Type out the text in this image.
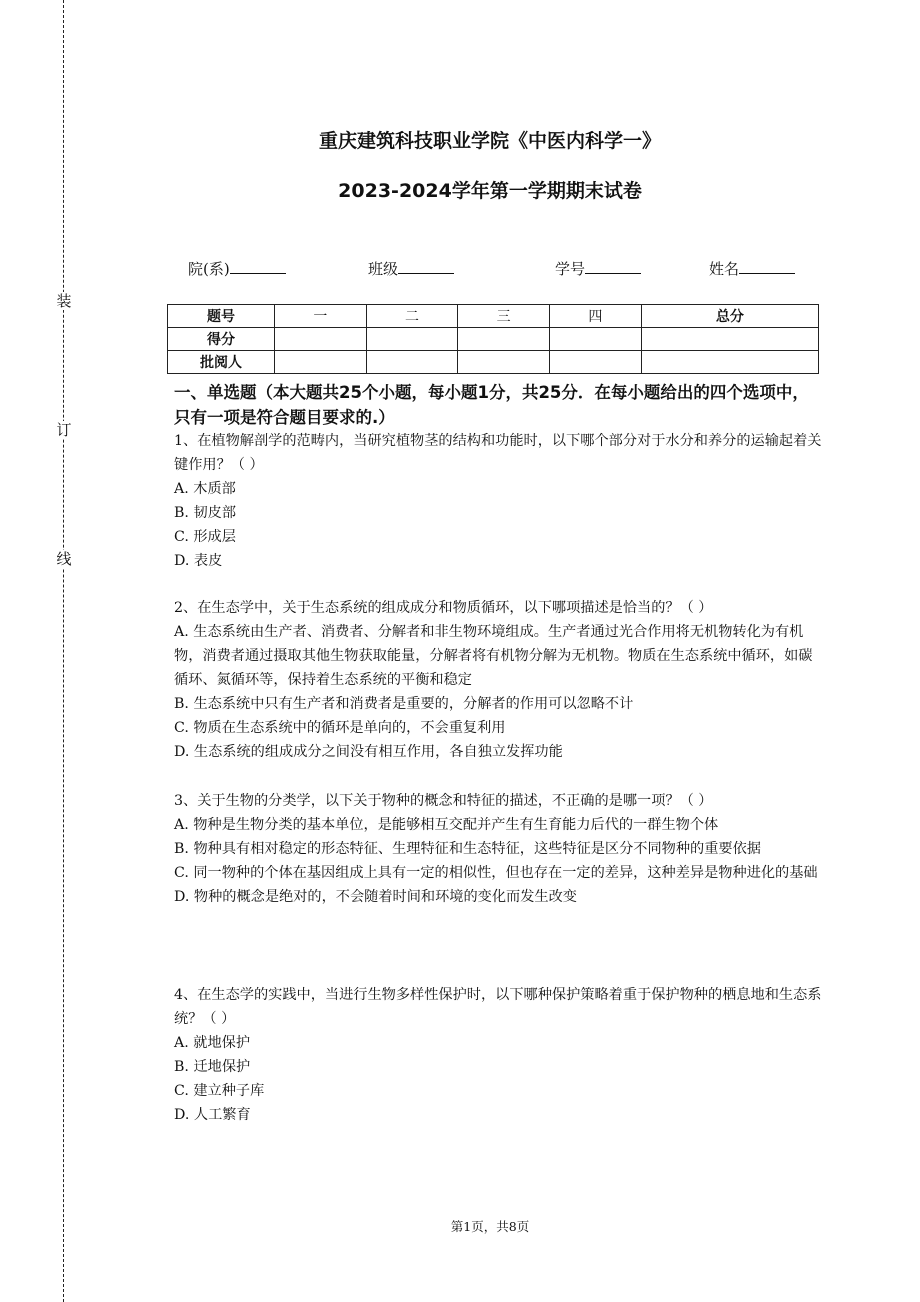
装
订
线
重庆建筑科技职业学院《中医内科学一》
2023-2024学年第一学期期末试卷
院(系)	班级	学号	姓名
题号	一	二	三	四	总分
得分					
批阅人					
一、单选题（本大题共25个小题，每小题1分，共25分．在每小题给出的四个选项中，只有一项是符合题目要求的.）

1、在植物解剖学的范畴内，当研究植物茎的结构和功能时，以下哪个部分对于水分和养分的运输起着关键作用？（ ）

A. 木质部

B. 韧皮部

C. 形成层

D. 表皮

2、在生态学中，关于生态系统的组成成分和物质循环，以下哪项描述是恰当的？（ ）

A. 生态系统由生产者、消费者、分解者和非生物环境组成。生产者通过光合作用将无机物转化为有机物，消费者通过摄取其他生物获取能量，分解者将有机物分解为无机物。物质在生态系统中循环，如碳循环、氮循环等，保持着生态系统的平衡和稳定

B. 生态系统中只有生产者和消费者是重要的，分解者的作用可以忽略不计

C. 物质在生态系统中的循环是单向的，不会重复利用

D. 生态系统的组成成分之间没有相互作用，各自独立发挥功能

3、关于生物的分类学，以下关于物种的概念和特征的描述，不正确的是哪一项？（ ）

A. 物种是生物分类的基本单位，是能够相互交配并产生有生育能力后代的一群生物个体

B. 物种具有相对稳定的形态特征、生理特征和生态特征，这些特征是区分不同物种的重要依据

C. 同一物种的个体在基因组成上具有一定的相似性，但也存在一定的差异，这种差异是物种进化的基础

D. 物种的概念是绝对的，不会随着时间和环境的变化而发生改变

4、在生态学的实践中，当进行生物多样性保护时，以下哪种保护策略着重于保护物种的栖息地和生态系统？（ ）

A. 就地保护

B. 迁地保护

C. 建立种子库

D. 人工繁育

第1页，共8页
